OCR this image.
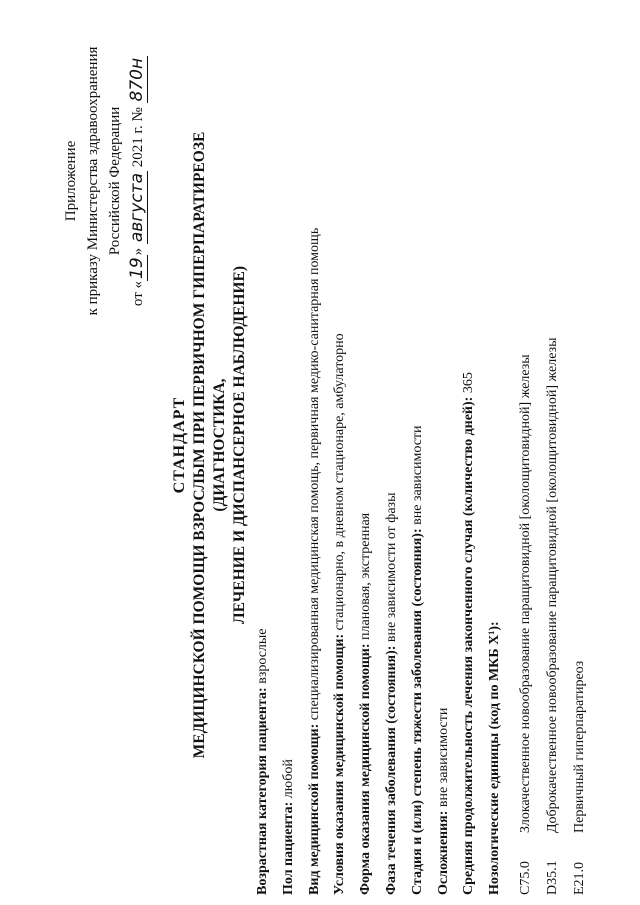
Приложение к приказу Министерства здравоохранения Российской Федерации
от «19» августа 2021 г. № 870н
СТАНДАРТ МЕДИЦИНСКОЙ ПОМОЩИ ВЗРОСЛЫМ ПРИ ПЕРВИЧНОМ ГИПЕРПАРАТИРЕОЗЕ (ДИАГНОСТИКА, ЛЕЧЕНИЕ И ДИСПАНСЕРНОЕ НАБЛЮДЕНИЕ)
Возрастная категория пациента: взрослые
Пол пациента: любой Вид медицинской помощи: специализированная медицинская помощь, первичная медико-санитарная помощь
Условия оказания медицинской помощи: стационарно, в дневном стационаре, амбулаторно
Форма оказания медицинской помощи: плановая, экстренная
Фаза течения заболевания (состояния): вне зависимости от фазы Стадия и (или) степень тяжести заболевания (состояния): вне зависимости
Осложнения: вне зависимости Средняя продолжительность лечения законченного случая (количество дней): 365
Нозологические единицы (код по МКБ X¹):	C75.0
Злокачественное новообразование паращитовидной [околощитовидной] железы
D35.1
Доброкачественное новообразование паращитовидной [околощитовидной] железы
E21.0
Первичный гиперпаратиреоз
